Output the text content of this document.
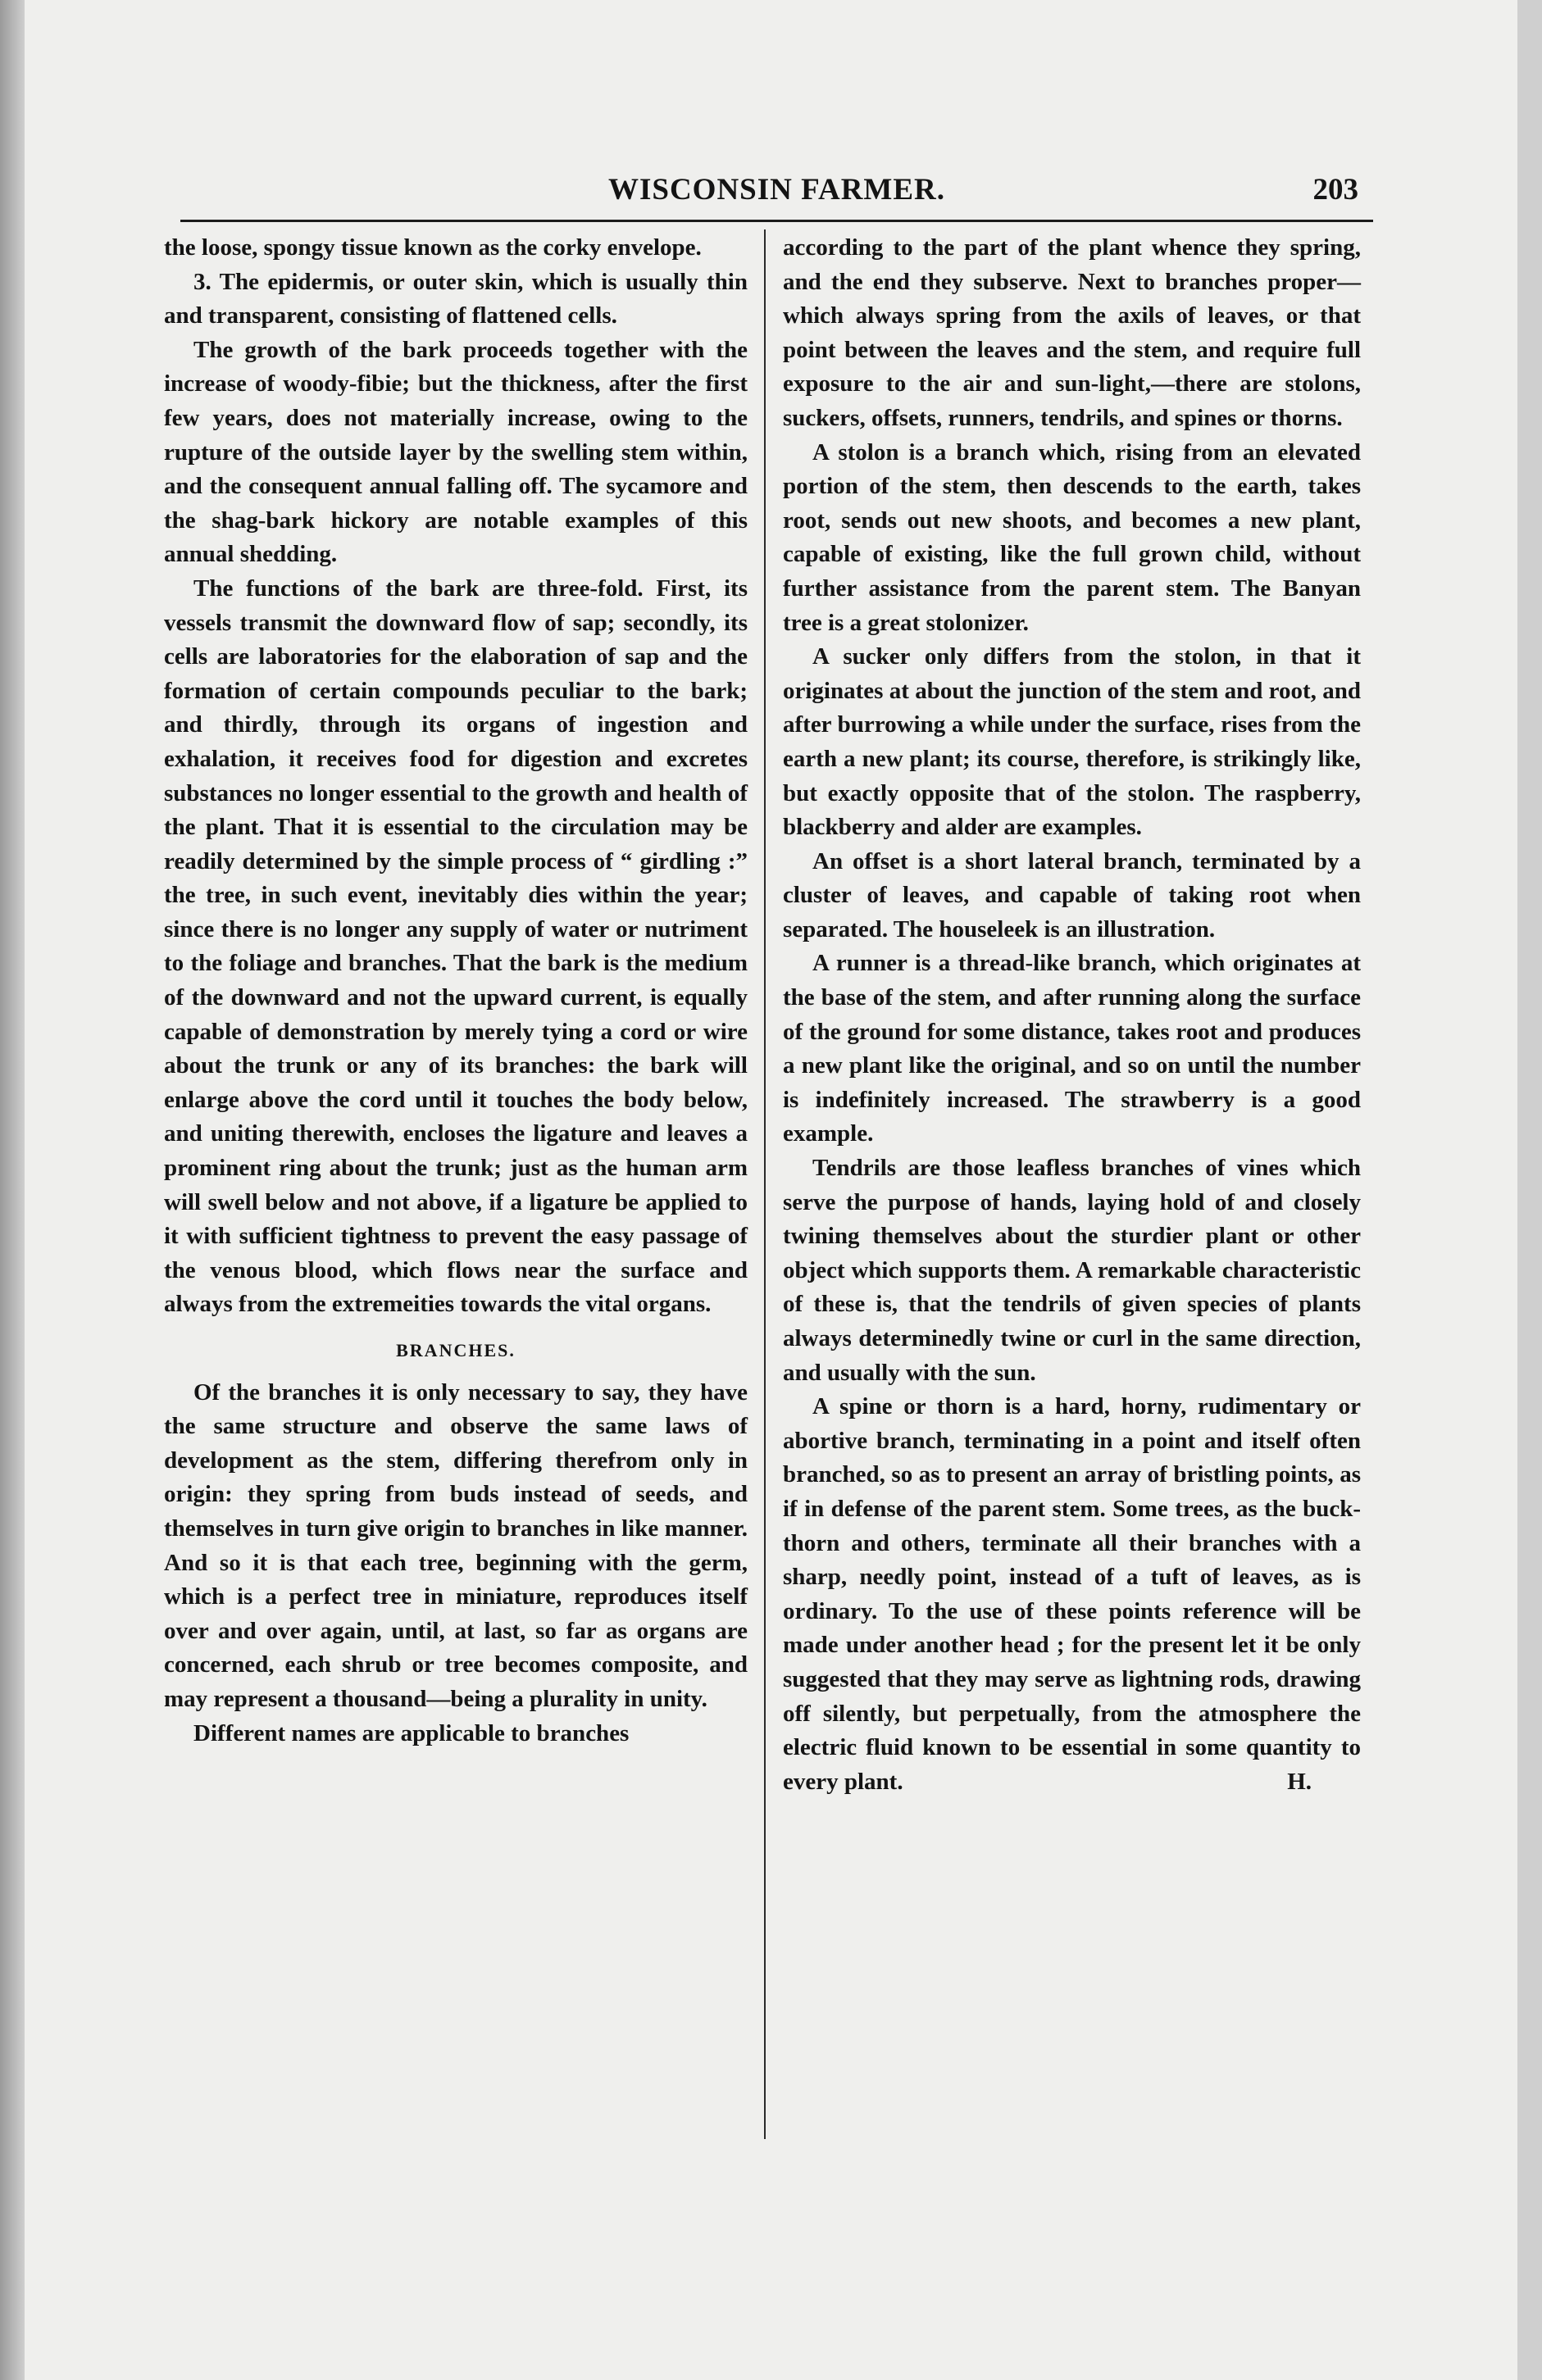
WISCONSIN FARMER.	203

the loose, spongy tissue known as the corky envelope.

3. The epidermis, or outer skin, which is usually thin and transparent, consisting of flattened cells.

The growth of the bark proceeds together with the increase of woody-fibie; but the thickness, after the first few years, does not materially increase, owing to the rupture of the outside layer by the swelling stem within, and the consequent annual falling off. The sycamore and the shag-bark hickory are notable examples of this annual shedding.

The functions of the bark are three-fold. First, its vessels transmit the downward flow of sap; secondly, its cells are laboratories for the elaboration of sap and the formation of certain compounds peculiar to the bark; and thirdly, through its organs of ingestion and exhalation, it receives food for digestion and excretes substances no longer essential to the growth and health of the plant. That it is essential to the circulation may be readily determined by the simple process of “ girdling :” the tree, in such event, inevitably dies within the year; since there is no longer any supply of water or nutriment to the foliage and branches. That the bark is the medium of the downward and not the upward current, is equally capable of demonstration by merely tying a cord or wire about the trunk or any of its branches: the bark will enlarge above the cord until it touches the body below, and uniting therewith, encloses the ligature and leaves a prominent ring about the trunk; just as the human arm will swell below and not above, if a ligature be applied to it with sufficient tightness to prevent the easy passage of the venous blood, which flows near the surface and always from the extremeities towards the vital organs.

BRANCHES.

Of the branches it is only necessary to say, they have the same structure and observe the same laws of development as the stem, differing therefrom only in origin: they spring from buds instead of seeds, and themselves in turn give origin to branches in like manner. And so it is that each tree, beginning with the germ, which is a perfect tree in miniature, reproduces itself over and over again, until, at last, so far as organs are concerned, each shrub or tree becomes composite, and may represent a thousand—being a plurality in unity.

Different names are applicable to branches

according to the part of the plant whence they spring, and the end they subserve. Next to branches proper—which always spring from the axils of leaves, or that point between the leaves and the stem, and require full exposure to the air and sun-light,—there are stolons, suckers, offsets, runners, tendrils, and spines or thorns.

A stolon is a branch which, rising from an elevated portion of the stem, then descends to the earth, takes root, sends out new shoots, and becomes a new plant, capable of existing, like the full grown child, without further assistance from the parent stem. The Banyan tree is a great stolonizer.

A sucker only differs from the stolon, in that it originates at about the junction of the stem and root, and after burrowing a while under the surface, rises from the earth a new plant; its course, therefore, is strikingly like, but exactly opposite that of the stolon. The raspberry, blackberry and alder are examples.

An offset is a short lateral branch, terminated by a cluster of leaves, and capable of taking root when separated. The houseleek is an illustration.

A runner is a thread-like branch, which originates at the base of the stem, and after running along the surface of the ground for some distance, takes root and produces a new plant like the original, and so on until the number is indefinitely increased. The strawberry is a good example.

Tendrils are those leafless branches of vines which serve the purpose of hands, laying hold of and closely twining themselves about the sturdier plant or other object which supports them. A remarkable characteristic of these is, that the tendrils of given species of plants always determinedly twine or curl in the same direction, and usually with the sun.

A spine or thorn is a hard, horny, rudimentary or abortive branch, terminating in a point and itself often branched, so as to present an array of bristling points, as if in defense of the parent stem. Some trees, as the buck-thorn and others, terminate all their branches with a sharp, needly point, instead of a tuft of leaves, as is ordinary. To the use of these points reference will be made under another head ; for the present let it be only suggested that they may serve as lightning rods, drawing off silently, but perpetually, from the atmosphere the electric fluid known to be essential in some quantity to every plant.	H.
